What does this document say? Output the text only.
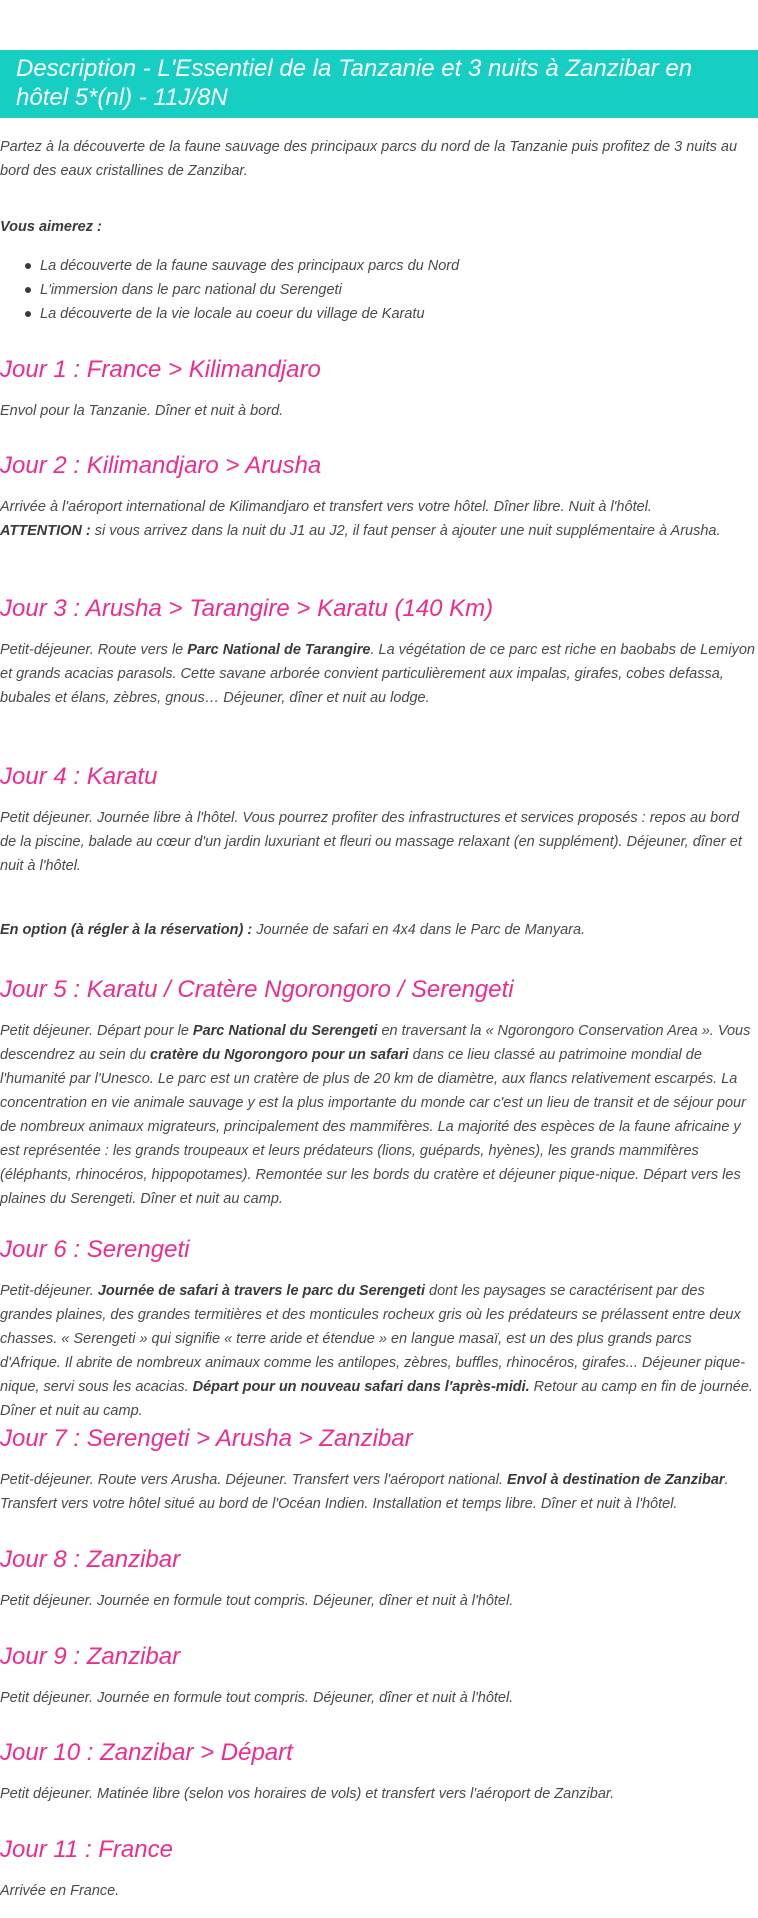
Description - L'Essentiel de la Tanzanie et 3 nuits à Zanzibar en hôtel 5*(nl) - 11J/8N

Partez à la découverte de la faune sauvage des principaux parcs du nord de la Tanzanie puis profitez de 3 nuits au bord des eaux cristallines de Zanzibar.

Vous aimerez :

La découverte de la faune sauvage des principaux parcs du Nord
L'immersion dans le parc national du Serengeti
La découverte de la vie locale au coeur du village de Karatu
Jour 1 : France > Kilimandjaro

Envol pour la Tanzanie. Dîner et nuit à bord.

Jour 2 : Kilimandjaro > Arusha

Arrivée à l'aéroport international de Kilimandjaro et transfert vers votre hôtel. Dîner libre. Nuit à l'hôtel.
ATTENTION : si vous arrivez dans la nuit du J1 au J2, il faut penser à ajouter une nuit supplémentaire à Arusha.

Jour 3 : Arusha > Tarangire > Karatu (140 Km)

Petit-déjeuner. Route vers le Parc National de Tarangire. La végétation de ce parc est riche en baobabs de Lemiyon et grands acacias parasols. Cette savane arborée convient particulièrement aux impalas, girafes, cobes defassa, bubales et élans, zèbres, gnous… Déjeuner, dîner et nuit au lodge.

Jour 4 : Karatu

Petit déjeuner. Journée libre à l'hôtel. Vous pourrez profiter des infrastructures et services proposés : repos au bord de la piscine, balade au cœur d'un jardin luxuriant et fleuri ou massage relaxant (en supplément). Déjeuner, dîner et nuit à l'hôtel.

En option (à régler à la réservation) : Journée de safari en 4x4 dans le Parc de Manyara.

Jour 5 : Karatu / Cratère Ngorongoro / Serengeti

Petit déjeuner. Départ pour le Parc National du Serengeti en traversant la « Ngorongoro Conservation Area ». Vous descendrez au sein du cratère du Ngorongoro pour un safari dans ce lieu classé au patrimoine mondial de l'humanité par l'Unesco. Le parc est un cratère de plus de 20 km de diamètre, aux flancs relativement escarpés. La concentration en vie animale sauvage y est la plus importante du monde car c'est un lieu de transit et de séjour pour de nombreux animaux migrateurs, principalement des mammifères. La majorité des espèces de la faune africaine y est représentée : les grands troupeaux et leurs prédateurs (lions, guépards, hyènes), les grands mammifères (éléphants, rhinocéros, hippopotames). Remontée sur les bords du cratère et déjeuner pique-nique. Départ vers les plaines du Serengeti. Dîner et nuit au camp.

Jour 6 : Serengeti

Petit-déjeuner. Journée de safari à travers le parc du Serengeti dont les paysages se caractérisent par des grandes plaines, des grandes termitières et des monticules rocheux gris où les prédateurs se prélassent entre deux chasses. « Serengeti » qui signifie « terre aride et étendue » en langue masaï, est un des plus grands parcs d'Afrique. Il abrite de nombreux animaux comme les antilopes, zèbres, buffles, rhinocéros, girafes... Déjeuner pique-nique, servi sous les acacias. Départ pour un nouveau safari dans l'après-midi. Retour au camp en fin de journée. Dîner et nuit au camp.

Jour 7 : Serengeti > Arusha > Zanzibar

Petit-déjeuner. Route vers Arusha. Déjeuner. Transfert vers l'aéroport national. Envol à destination de Zanzibar. Transfert vers votre hôtel situé au bord de l'Océan Indien. Installation et temps libre. Dîner et nuit à l'hôtel.

Jour 8 : Zanzibar

Petit déjeuner. Journée en formule tout compris. Déjeuner, dîner et nuit à l'hôtel.

Jour 9 : Zanzibar

Petit déjeuner. Journée en formule tout compris. Déjeuner, dîner et nuit à l'hôtel.

Jour 10 : Zanzibar > Départ

Petit déjeuner. Matinée libre (selon vos horaires de vols) et transfert vers l'aéroport de Zanzibar.

Jour 11 : France

Arrivée en France.
